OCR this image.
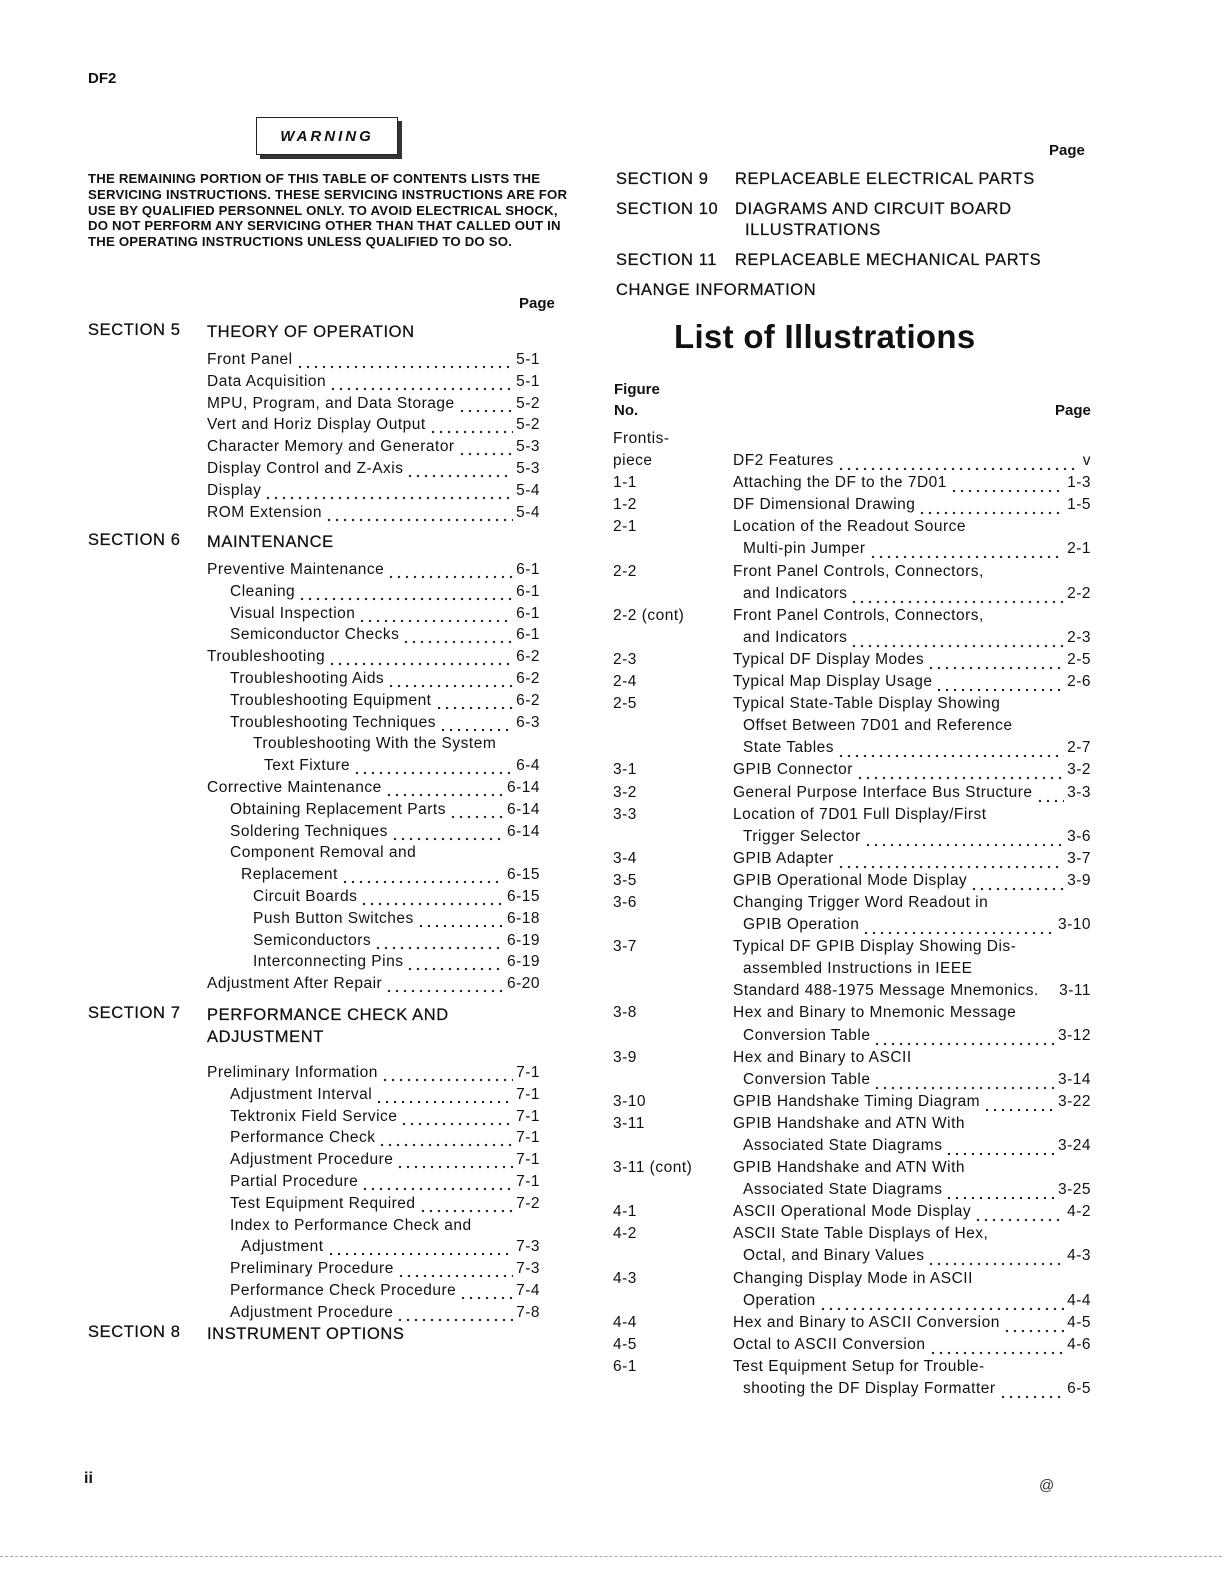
DF2
WARNING
THE REMAINING PORTION OF THIS TABLE OF CONTENTS LISTS THE SERVICING INSTRUCTIONS. THESE SERVICING INSTRUCTIONS ARE FOR USE BY QUALIFIED PERSONNEL ONLY. TO AVOID ELECTRICAL SHOCK, DO NOT PERFORM ANY SERVICING OTHER THAN THAT CALLED OUT IN THE OPERATING INSTRUCTIONS UNLESS QUALIFIED TO DO SO.
Page
SECTION 5 THEORY OF OPERATION
Front Panel	5-1
Data Acquisition	5-1
MPU, Program, and Data Storage	5-2
Vert and Horiz Display Output	5-2
Character Memory and Generator	5-3
Display Control and Z-Axis	5-3
Display	5-4
ROM Extension	5-4
SECTION 6 MAINTENANCE
Preventive Maintenance	6-1
Cleaning	6-1
Visual Inspection	6-1
Semiconductor Checks	6-1
Troubleshooting	6-2
Troubleshooting Aids	6-2
Troubleshooting Equipment	6-2
Troubleshooting Techniques	6-3
Troubleshooting With the System
Text Fixture	6-4
Corrective Maintenance	6-14
Obtaining Replacement Parts	6-14
Soldering Techniques	6-14
Component Removal and
Replacement	6-15
Circuit Boards	6-15
Push Button Switches	6-18
Semiconductors	6-19
Interconnecting Pins	6-19
Adjustment After Repair	6-20
SECTION 7 PERFORMANCE CHECK AND ADJUSTMENT
Preliminary Information	7-1
Adjustment Interval	7-1
Tektronix Field Service	7-1
Performance Check	7-1
Adjustment Procedure	7-1
Partial Procedure	7-1
Test Equipment Required	7-2
Index to Performance Check and
Adjustment	7-3
Preliminary Procedure	7-3
Performance Check Procedure	7-4
Adjustment Procedure	7-8
SECTION 8 INSTRUMENT OPTIONS
Page
SECTION 9 REPLACEABLE ELECTRICAL PARTS
SECTION 10 DIAGRAMS AND CIRCUIT BOARD
ILLUSTRATIONS
SECTION 11 REPLACEABLE MECHANICAL PARTS
CHANGE INFORMATION
List of Illustrations
Figure
No.	Page
Frontis-
piece
	DF2 Features	v
1-1	Attaching the DF to the 7D01	1-3
1-2	DF Dimensional Drawing	1-5
2-1	Location of the Readout Source
Multi-pin Jumper	2-1
2-2	Front Panel Controls, Connectors,
and Indicators	2-2
2-2 (cont)	Front Panel Controls, Connectors,
and Indicators	2-3
2-3	Typical DF Display Modes	2-5
2-4	Typical Map Display Usage	2-6
2-5	Typical State-Table Display Showing
Offset Between 7D01 and Reference
State Tables	2-7
3-1	GPIB Connector	3-2
3-2	General Purpose Interface Bus Structure 3-3
3-3	Location of 7D01 Full Display/First
Trigger Selector	3-6
3-4	GPIB Adapter	3-7
3-5	GPIB Operational Mode Display	3-9
3-6	Changing Trigger Word Readout in
GPIB Operation	3-10
3-7	Typical DF GPIB Display Showing Dis-
assembled Instructions in IEEE
Standard 488-1975 Message Mnemonics. 3-11
3-8	Hex and Binary to Mnemonic Message
Conversion Table	3-12
3-9	Hex and Binary to ASCII
Conversion Table	3-14
3-10	GPIB Handshake Timing Diagram	3-22
3-11	GPIB Handshake and ATN With
Associated State Diagrams	3-24
3-11 (cont)	GPIB Handshake and ATN With
Associated State Diagrams	3-25
4-1	ASCII Operational Mode Display	4-2
4-2	ASCII State Table Displays of Hex,
Octal, and Binary Values	4-3
4-3	Changing Display Mode in ASCII
Operation	4-4
4-4	Hex and Binary to ASCII Conversion	4-5
4-5	Octal to ASCII Conversion	4-6
6-1	Test Equipment Setup for Trouble-
shooting the DF Display Formatter	6-5
ii	@
